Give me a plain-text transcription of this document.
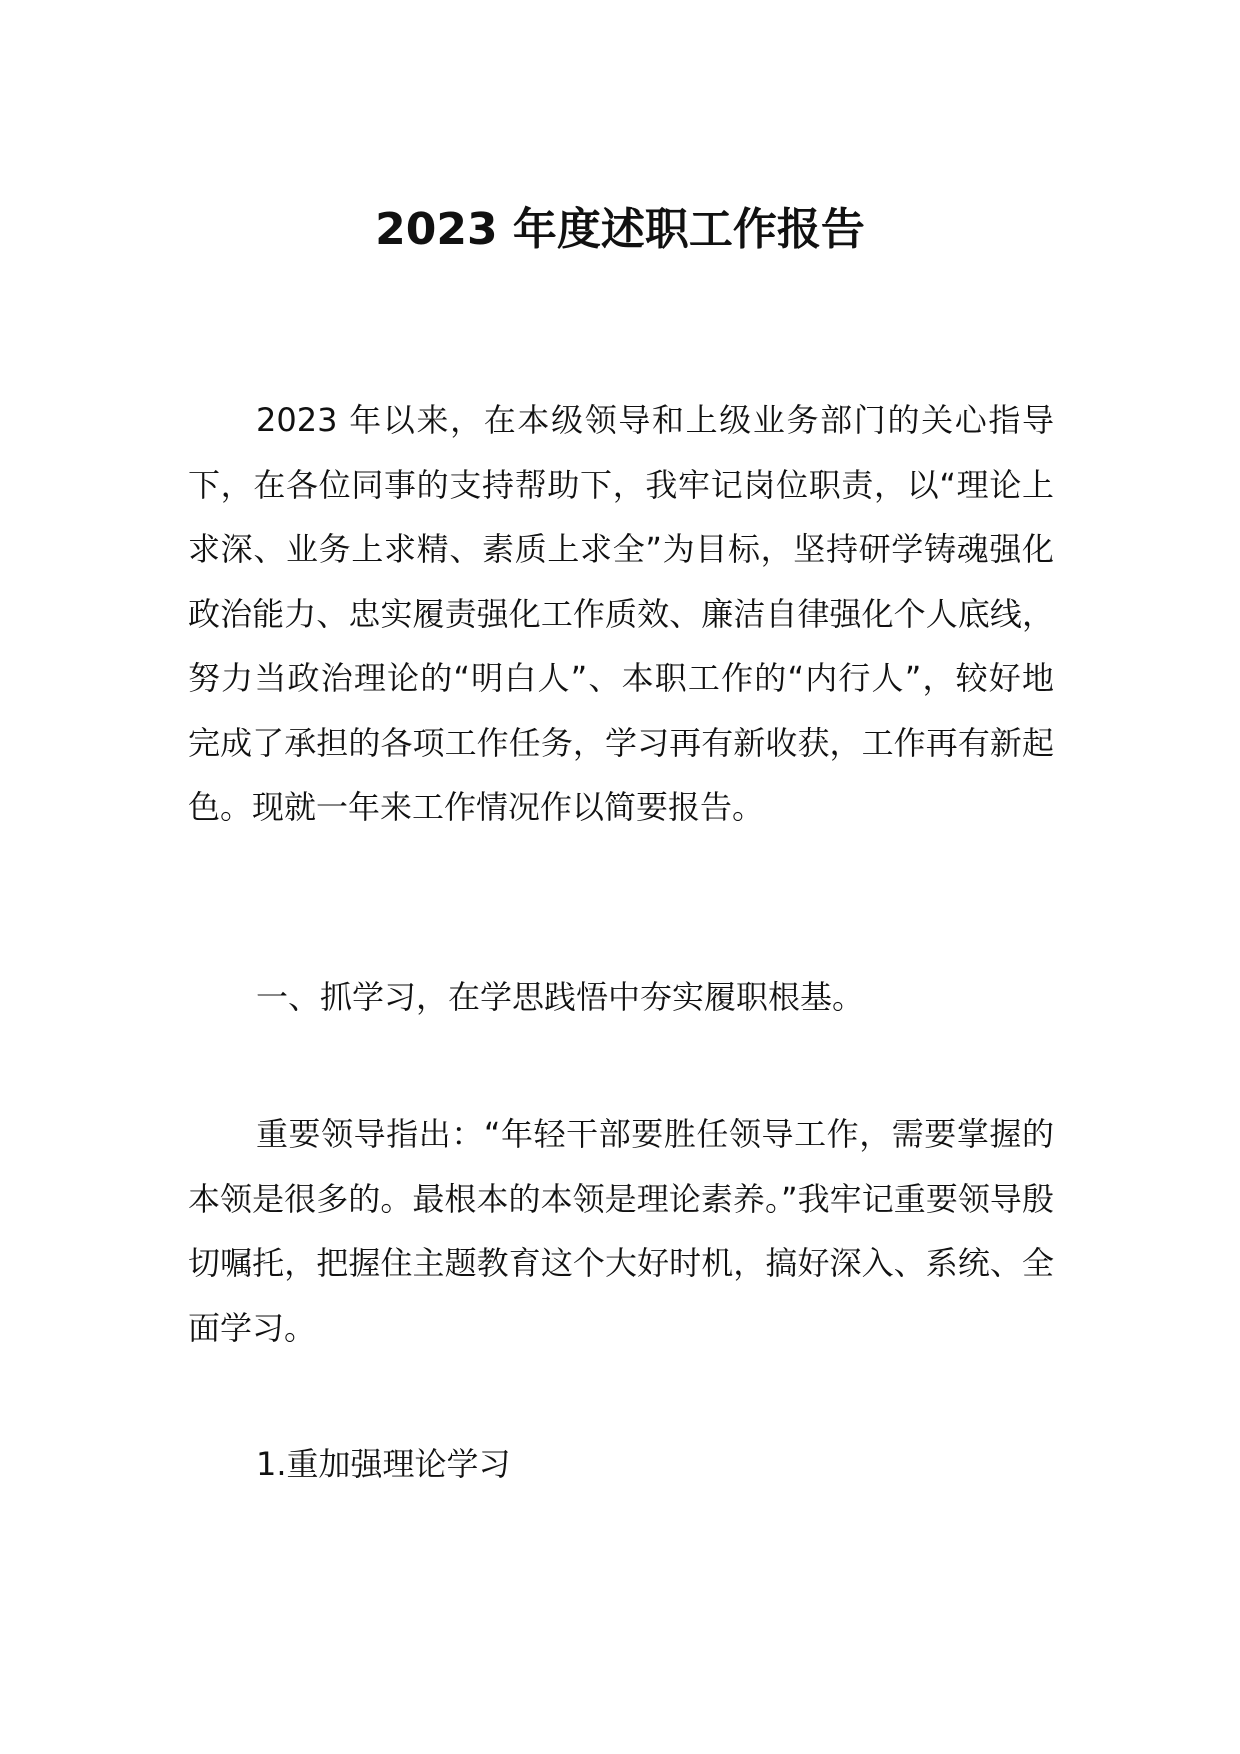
2023 年度述职工作报告

2023 年以来，在本级领导和上级业务部门的关心指导下，在各位同事的支持帮助下，我牢记岗位职责，以“理论上求深、业务上求精、素质上求全”为目标，坚持研学铸魂强化政治能力、忠实履责强化工作质效、廉洁自律强化个人底线，努力当政治理论的“明白人”、本职工作的“内行人”，较好地完成了承担的各项工作任务，学习再有新收获，工作再有新起色。现就一年来工作情况作以简要报告。

一、抓学习，在学思践悟中夯实履职根基。

重要领导指出：“年轻干部要胜任领导工作，需要掌握的本领是很多的。最根本的本领是理论素养。”我牢记重要领导殷切嘱托，把握住主题教育这个大好时机，搞好深入、系统、全面学习。

1.重加强理论学习
